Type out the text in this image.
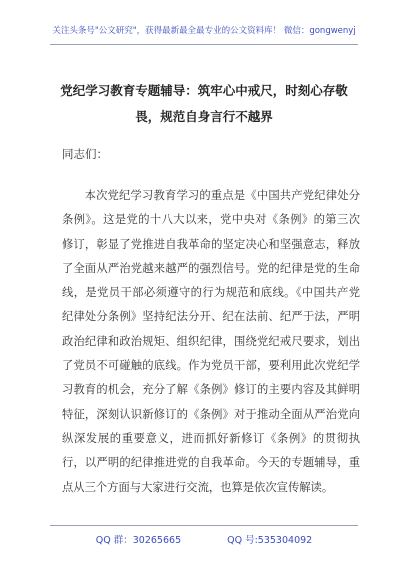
关注头条号"公文研究"，获得最新最全最专业的公文资料库！ 微信：gongwenyj
党纪学习教育专题辅导：筑牢心中戒尺，时刻心存敬畏，规范自身言行不越界
同志们：
本次党纪学习教育学习的重点是《中国共产党纪律处分条例》。这是党的十八大以来，党中央对《条例》的第三次修订，彰显了党推进自我革命的坚定决心和坚强意志，释放了全面从严治党越来越严的强烈信号。党的纪律是党的生命线，是党员干部必须遵守的行为规范和底线。《中国共产党纪律处分条例》坚持纪法分开、纪在法前、纪严于法，严明政治纪律和政治规矩、组织纪律，围绕党纪戒尺要求，划出了党员不可碰触的底线。作为党员干部，要利用此次党纪学习教育的机会，充分了解《条例》修订的主要内容及其鲜明特征，深刻认识新修订的《条例》对于推动全面从严治党向纵深发展的重要意义，进而抓好新修订《条例》的贯彻执行，以严明的纪律推进党的自我革命。今天的专题辅导，重点从三个方面与大家进行交流，也算是依次宣传解读。
QQ 群：30265665	QQ 号:535304092
